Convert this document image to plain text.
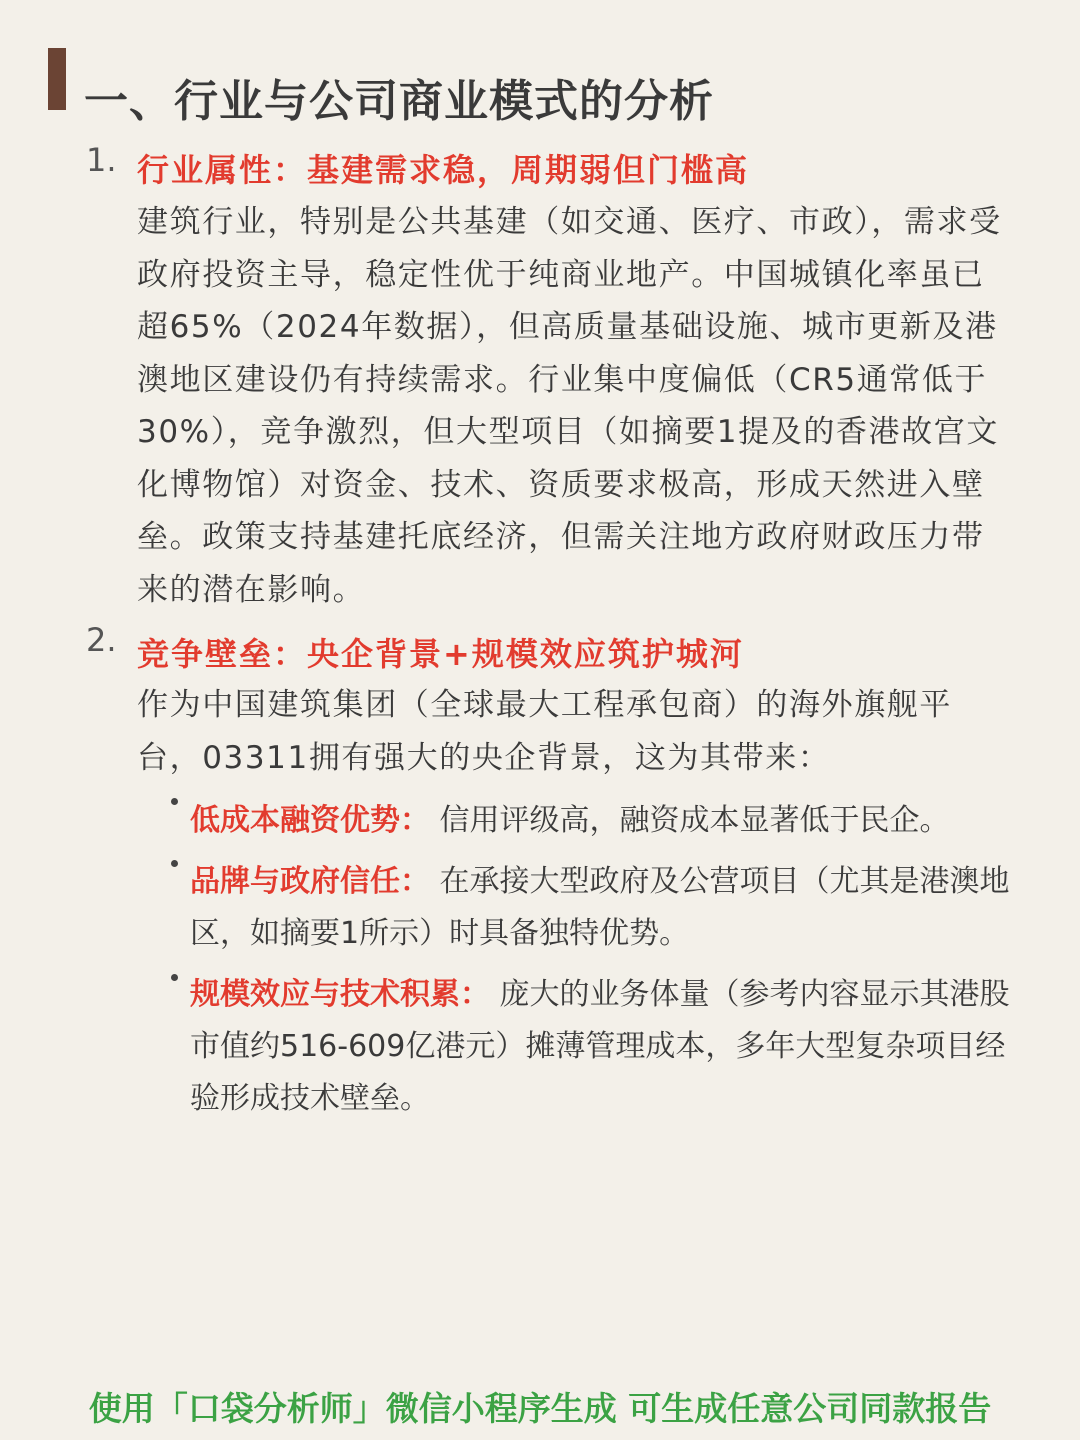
一、行业与公司商业模式的分析
1. 行业属性：基建需求稳，周期弱但门槛高

建筑行业，特别是公共基建（如交通、医疗、市政），需求受政府投资主导，稳定性优于纯商业地产。中国城镇化率虽已超65%（2024年数据），但高质量基础设施、城市更新及港澳地区建设仍有持续需求。行业集中度偏低（CR5通常低于30%），竞争激烈，但大型项目（如摘要1提及的香港故宫文化博物馆）对资金、技术、资质要求极高，形成天然进入壁垒。政策支持基建托底经济，但需关注地方政府财政压力带来的潜在影响。

2. 竞争壁垒：央企背景+规模效应筑护城河

作为中国建筑集团（全球最大工程承包商）的海外旗舰平台，03311拥有强大的央企背景，这为其带来：

低成本融资优势： 信用评级高，融资成本显著低于民企。

品牌与政府信任： 在承接大型政府及公营项目（尤其是港澳地区，如摘要1所示）时具备独特优势。

规模效应与技术积累： 庞大的业务体量（参考内容显示其港股市值约516-609亿港元）摊薄管理成本，多年大型复杂项目经验形成技术壁垒。

使用「口袋分析师」微信小程序生成 可生成任意公司同款报告
